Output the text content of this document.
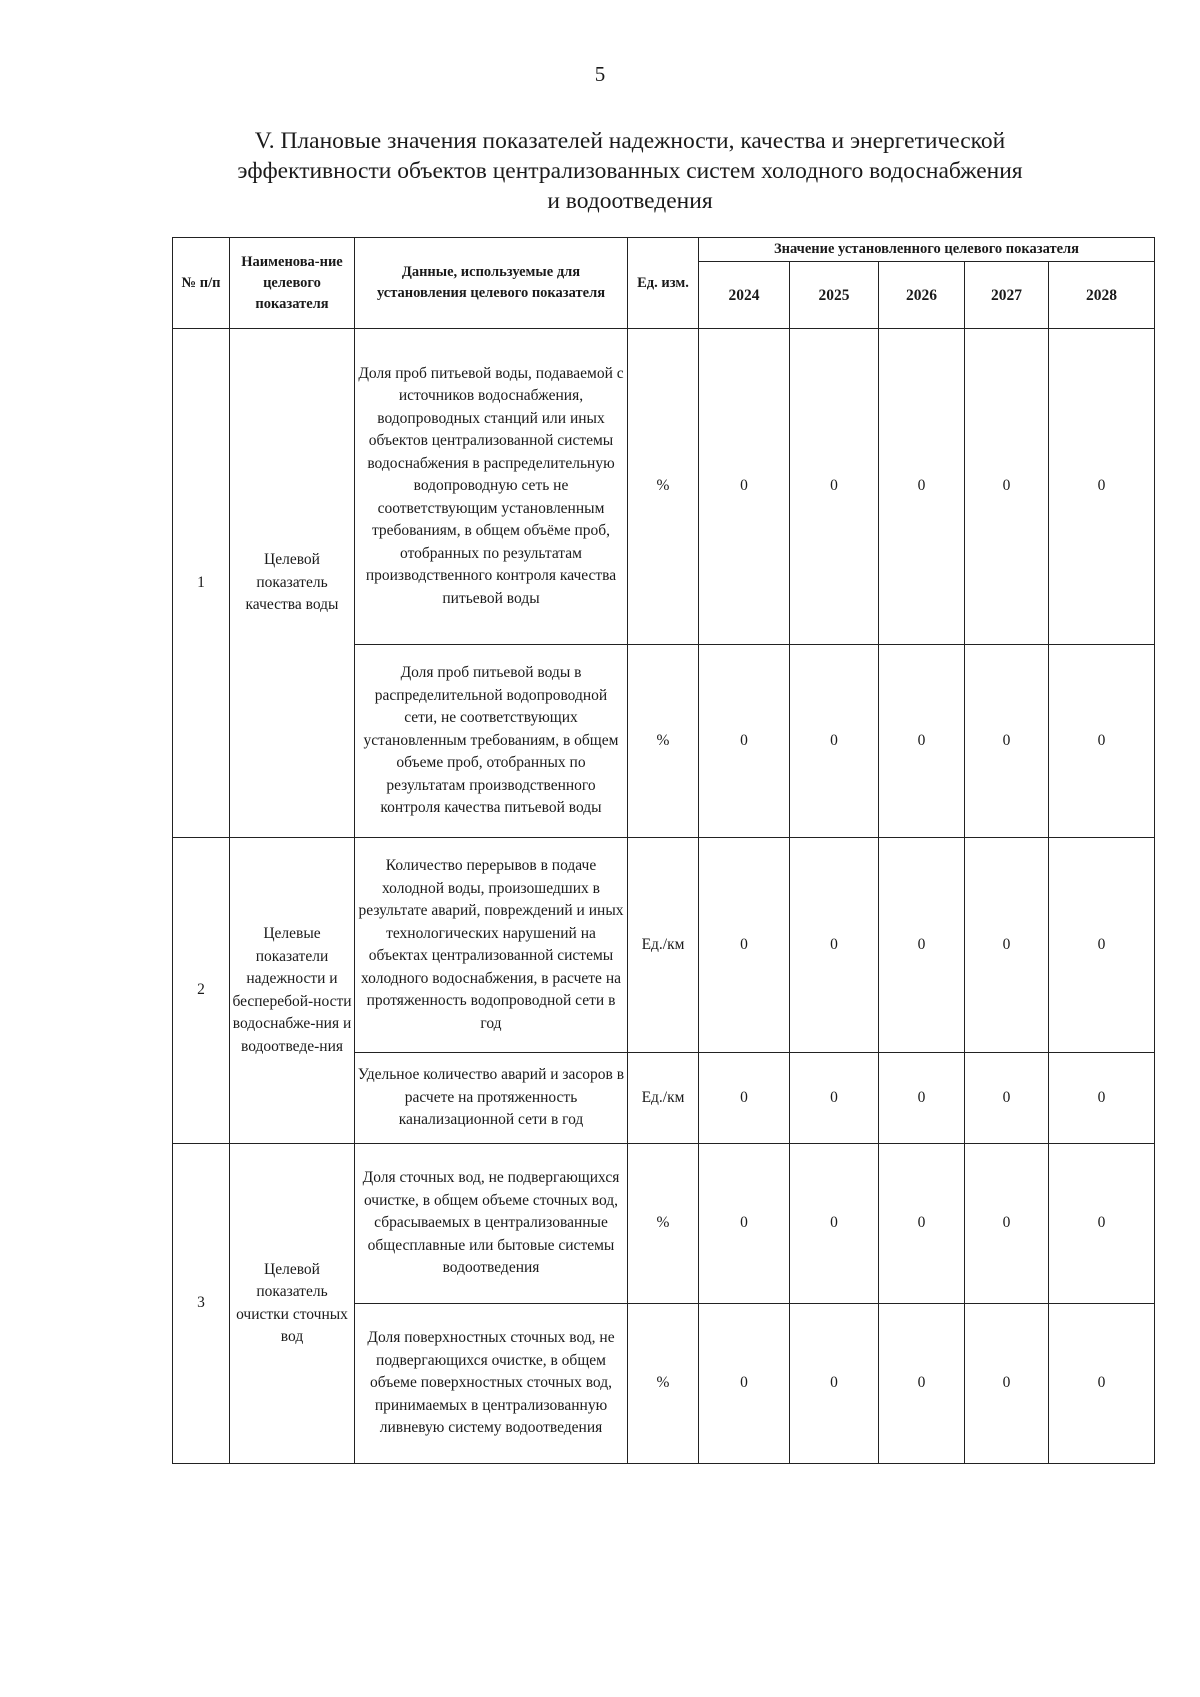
5
V. Плановые значения показателей надежности, качества и энергетической
эффективности объектов централизованных систем холодного водоснабжения
и водоотведения
№ п/п	Наименова-ние целевого показателя	Данные, используемые для установления целевого показателя	Ед. изм.	Значение установленного целевого показателя				
				2024	2025	2026	2027	2028
1	Целевой показатель качества воды	Доля проб питьевой воды, подаваемой с источников водоснабжения, водопроводных станций или иных объектов централизованной системы водоснабжения в распределительную водопроводную сеть не соответствующим установленным требованиям, в общем объёме проб, отобранных по результатам производственного контроля качества питьевой воды	%	0	0	0	0	0
		Доля проб питьевой воды в распределительной водопроводной сети, не соответствующих установленным требованиям, в общем объеме проб, отобранных по результатам производственного контроля качества питьевой воды	%	0	0	0	0	0
2	Целевые показатели надежности и бесперебой-ности водоснабже-ния и водоотведе-ния	Количество перерывов в подаче холодной воды, произошедших в результате аварий, повреждений и иных технологических нарушений на объектах централизованной системы холодного водоснабжения, в расчете на протяженность водопроводной сети в год	Ед./км	0	0	0	0	0
		Удельное количество аварий и засоров в расчете на протяженность канализационной сети в год	Ед./км	0	0	0	0	0
3	Целевой показатель очистки сточных вод	Доля сточных вод, не подвергающихся очистке, в общем объеме сточных вод, сбрасываемых в централизованные общесплавные или бытовые системы водоотведения	%	0	0	0	0	0
		Доля поверхностных сточных вод, не подвергающихся очистке, в общем объеме поверхностных сточных вод, принимаемых в централизованную ливневую систему водоотведения	%	0	0	0	0	0
